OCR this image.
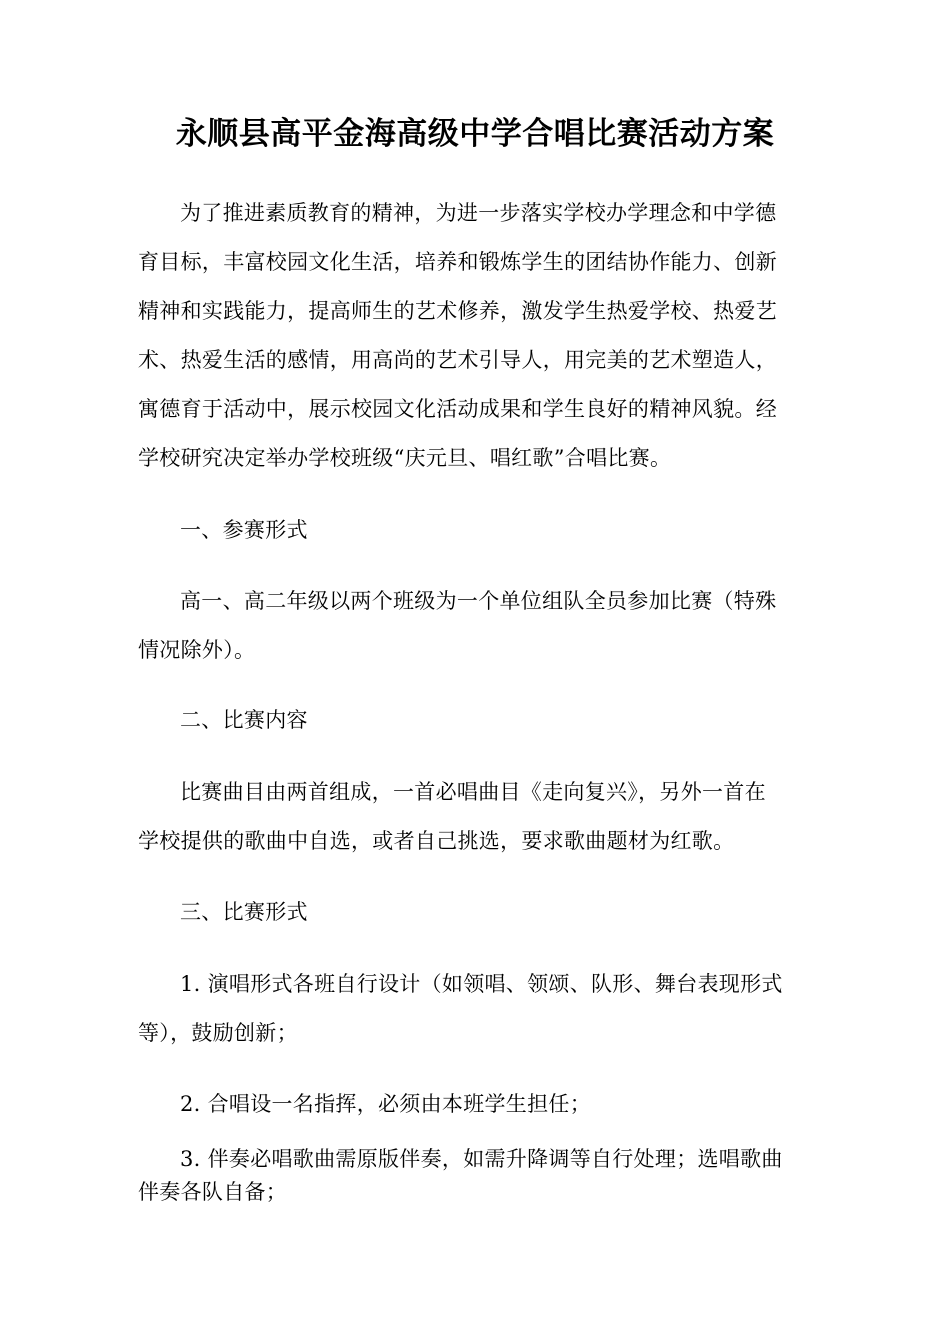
永顺县高平金海高级中学合唱比赛活动方案

为了推进素质教育的精神，为进一步落实学校办学理念和中学德
育目标，丰富校园文化生活，培养和锻炼学生的团结协作能力、创新
精神和实践能力，提高师生的艺术修养，激发学生热爱学校、热爱艺
术、热爱生活的感情，用高尚的艺术引导人，用完美的艺术塑造人，
寓德育于活动中，展示校园文化活动成果和学生良好的精神风貌。经
学校研究决定举办学校班级“庆元旦、唱红歌”合唱比赛。

一、参赛形式

高一、高二年级以两个班级为一个单位组队全员参加比赛（特殊
情况除外）。

二、比赛内容

比赛曲目由两首组成，一首必唱曲目《走向复兴》，另外一首在
学校提供的歌曲中自选，或者自己挑选，要求歌曲题材为红歌。

三、比赛形式

1. 演唱形式各班自行设计（如领唱、领颂、队形、舞台表现形式
等），鼓励创新；

2. 合唱设一名指挥，必须由本班学生担任；

3. 伴奏必唱歌曲需原版伴奏，如需升降调等自行处理；选唱歌曲
伴奏各队自备；
